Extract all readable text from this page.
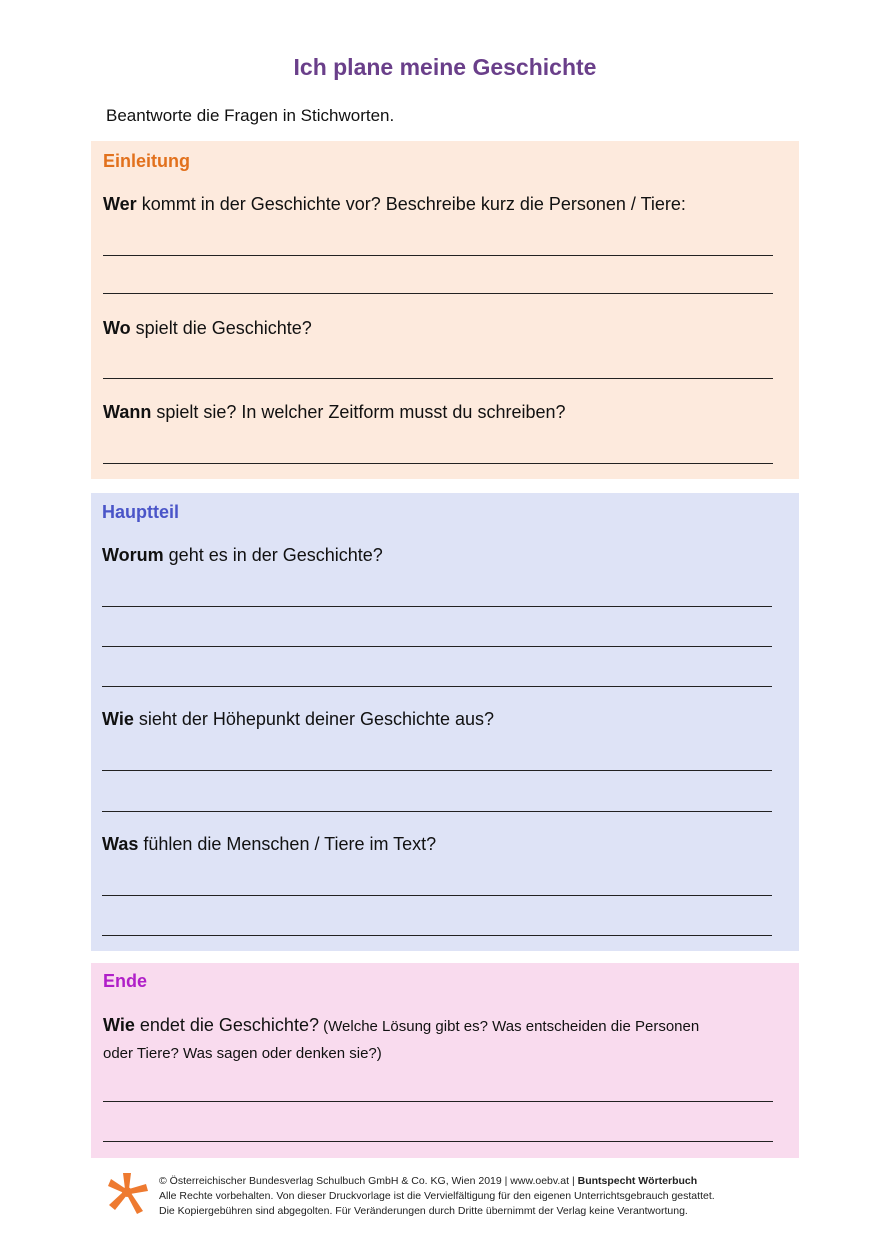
Ich plane meine Geschichte
Beantworte die Fragen in Stichworten.
Einleitung
Wer kommt in der Geschichte vor? Beschreibe kurz die Personen / Tiere:
Wo spielt die Geschichte?
Wann spielt sie? In welcher Zeitform musst du schreiben?
Hauptteil
Worum geht es in der Geschichte?
Wie sieht der Höhepunkt deiner Geschichte aus?
Was fühlen die Menschen / Tiere im Text?
Ende
Wie endet die Geschichte? (Welche Lösung gibt es? Was entscheiden die Personen
oder Tiere? Was sagen oder denken sie?)
© Österreichischer Bundesverlag Schulbuch GmbH & Co. KG, Wien 2019 | www.oebv.at | Buntspecht Wörterbuch
Alle Rechte vorbehalten. Von dieser Druckvorlage ist die Vervielfältigung für den eigenen Unterrichtsgebrauch gestattet.
Die Kopiergebühren sind abgegolten. Für Veränderungen durch Dritte übernimmt der Verlag keine Verantwortung.
